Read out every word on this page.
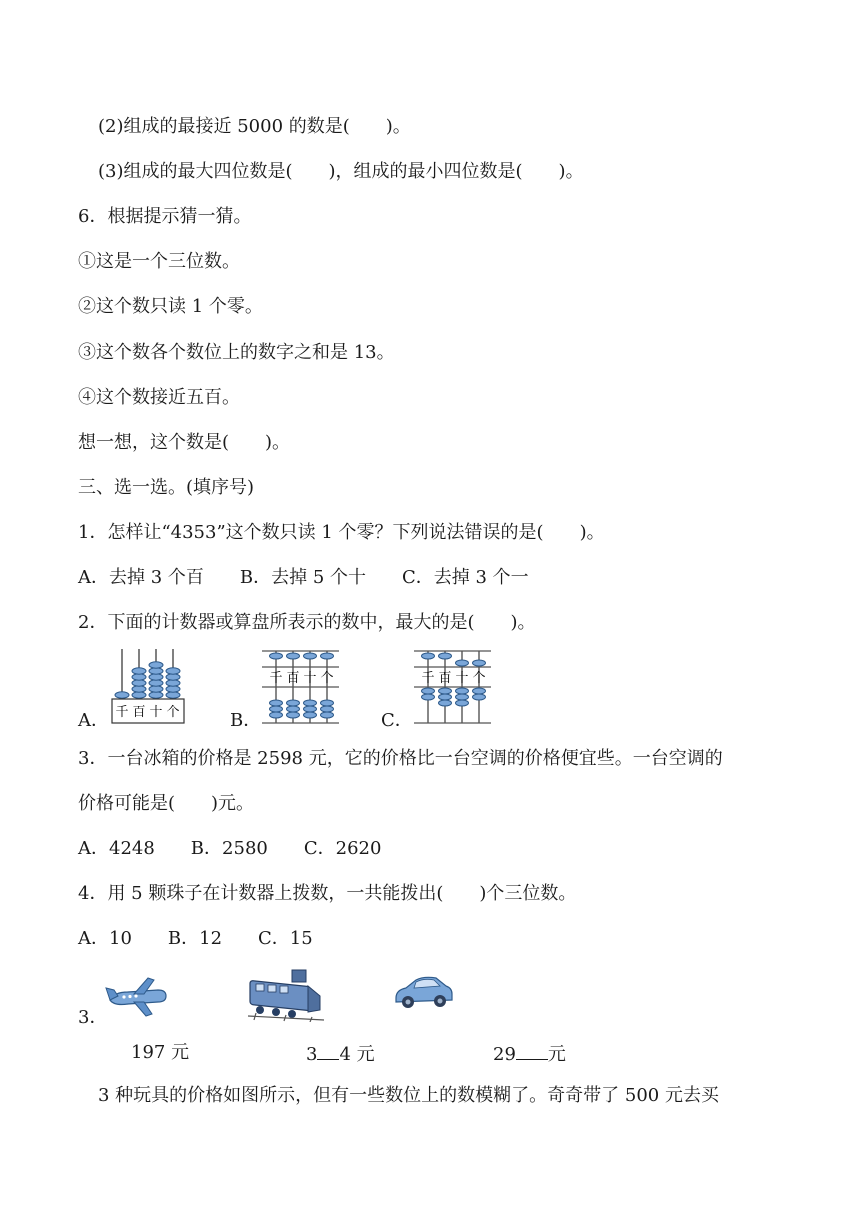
(2)组成的最接近 5000 的数是(　　)。
(3)组成的最大四位数是(　　)，组成的最小四位数是(　　)。
6．根据提示猜一猜。
①这是一个三位数。
②这个数只读 1 个零。
③这个数各个数位上的数字之和是 13。
④这个数接近五百。
想一想，这个数是(　　)。
三、选一选。(填序号)
1．怎样让“4353”这个数只读 1 个零？下列说法错误的是(　　)。
A．去掉 3 个百　　B．去掉 5 个十　　C．去掉 3 个一
2．下面的计数器或算盘所表示的数中，最大的是(　　)。
A．	B．	C．
千 百 十 个
千 百 十 个	千 百 十 个
3．一台冰箱的价格是 2598 元，它的价格比一台空调的价格便宜些。一台空调的
价格可能是(　　)元。
A．4248　　B．2580　　C．2620
4．用 5 颗珠子在计数器上拨数，一共能拨出(　　)个三位数。
A．10　　B．12　　C．15
3．
197 元	3 4 元	29 元
3 种玩具的价格如图所示，但有一些数位上的数模糊了。奇奇带了 500 元去买
